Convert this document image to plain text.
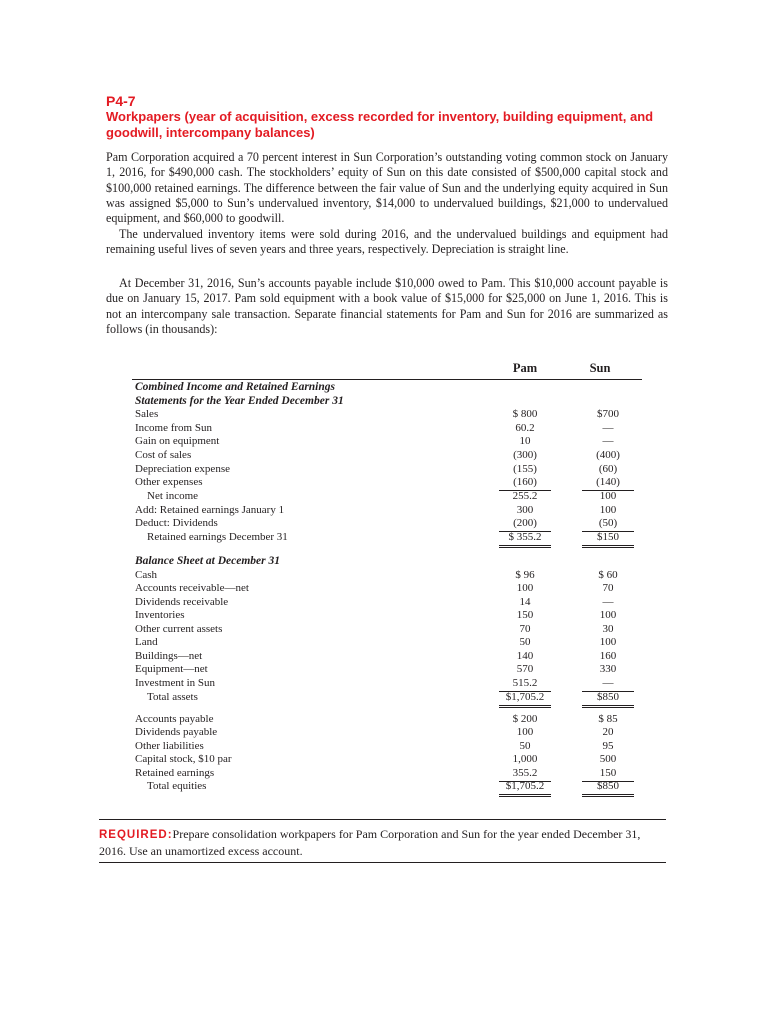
P4-7
Workpapers (year of acquisition, excess recorded for inventory, building equipment, and goodwill, intercompany balances)

Pam Corporation acquired a 70 percent interest in Sun Corporation’s outstanding voting common stock on January 1, 2016, for $490,000 cash. The stockholders’ equity of Sun on this date consisted of $500,000 capital stock and $100,000 retained earnings. The difference between the fair value of Sun and the underlying equity acquired in Sun was assigned $5,000 to Sun’s undervalued inventory, $14,000 to undervalued buildings, $21,000 to undervalued equipment, and $60,000 to goodwill.

The undervalued inventory items were sold during 2016, and the undervalued buildings and equipment had remaining useful lives of seven years and three years, respectively. Depreciation is straight line.

At December 31, 2016, Sun’s accounts payable include $10,000 owed to Pam. This $10,000 account payable is due on January 15, 2017. Pam sold equipment with a book value of $15,000 for $25,000 on June 1, 2016. This is not an intercompany sale transaction. Separate financial statements for Pam and Sun for 2016 are summarized as follows (in thousands):

Pam	Sun
Combined Income and Retained Earnings
Statements for the Year Ended December 31
Sales	$ 800	$700
Income from Sun	60.2	—
Gain on equipment	10	—
Cost of sales	(300)	(400)
Depreciation expense	(155)	(60)
Other expenses	(160)	(140)
Net income	255.2	100
Add: Retained earnings January 1	300	100
Deduct: Dividends	(200)	(50)
Retained earnings December 31	$ 355.2	$150
Balance Sheet at December 31
Cash	$ 96	$ 60
Accounts receivable—net	100	70
Dividends receivable	14	—
Inventories	150	100
Other current assets	70	30
Land	50	100
Buildings—net	140	160
Equipment—net	570	330
Investment in Sun	515.2	—
Total assets	$1,705.2	$850
Accounts payable	$ 200	$ 85
Dividends payable	100	20
Other liabilities	50	95
Capital stock, $10 par	1,000	500
Retained earnings	355.2	150
Total equities	$1,705.2	$850

REQUIRED:Prepare consolidation workpapers for Pam Corporation and Sun for the year ended December 31, 2016. Use an unamortized excess account.
